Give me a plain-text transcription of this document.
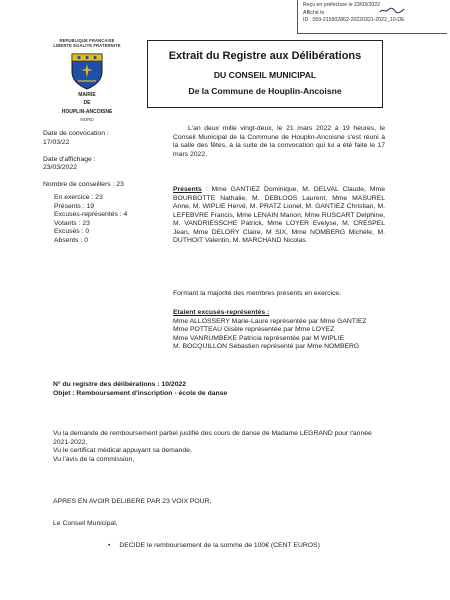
Reçu en préfecture le 23/03/2022
Affiché le
ID : 059-215902862-20220321-2022_10-DE
REPUBLIQUE FRANCAISE
LIBERTE EGALITE FRATERNITE
MAIRIE
DE
HOUPLIN-ANCOISNE
NORD
Extrait du Registre aux Délibérations
DU CONSEIL MUNICIPAL
De la Commune de Houplin-Ancoisne
Date de convocation :
17/03/22
Date d'affichage :
23/03/2022
Nombre de conseillers : 23
En exercice : 23
Présents : 19
Excusés-représentés : 4
Votants : 23
Excusés : 0
Absents : 0
L'an deux mille vingt-deux, le 21 mars 2022 à 19 heures, le Conseil Municipal de la Commune de Houplin-Ancoisne s'est réuni à la salle des fêtes, à la suite de la convocation qui lui a été faite le 17 mars 2022.
Présents : Mme GANTIEZ Dominique, M. DELVAL Claude, Mme BOURBOTTE Nathalie, M. DEBLOOS Laurent, Mme MASUREL Anne, M. WIPLIE Hervé, M. PRATZ Lionel, M. GANTIEZ Christian, M. LEFEBVRE Francis, Mme LENAIN Manon, Mme RUSCART Delphine, M. VANDRIESSCHE Patrick, Mme LOYER Evelyse, M. CRESPEL Jean, Mme DELORY Claire, M SIX, Mme NOMBERG Michèle, M. DUTHOIT Valentin, M. MARCHAND Nicolas.
Formant la majorité des membres présents en exercice.
Etaient excusés-représentés :
Mme ALLOSSERY Marie-Laure représentée par Mme GANTIEZ
Mme POTTEAU Gisèle représentée par Mme LOYEZ
Mme VANRUMBEKE Patricia représentée par M WIPLIE
M. BOCQUILLON Sébastien représenté par Mme NOMBERG
N° du registre des délibérations : 10/2022
Objet : Remboursement d'inscription - école de danse
Vu la demande de remboursement partiel justifié des cours de danse de Madame LEGRAND pour l'année 2021-2022,
Vu le certificat médical appuyant sa demande,
Vu l'avis de la commission,
APRES EN AVOIR DELIBERE PAR 23 VOIX POUR,
Le Conseil Municipal,
• DECIDE le remboursement de la somme de 100€ (CENT EUROS)
